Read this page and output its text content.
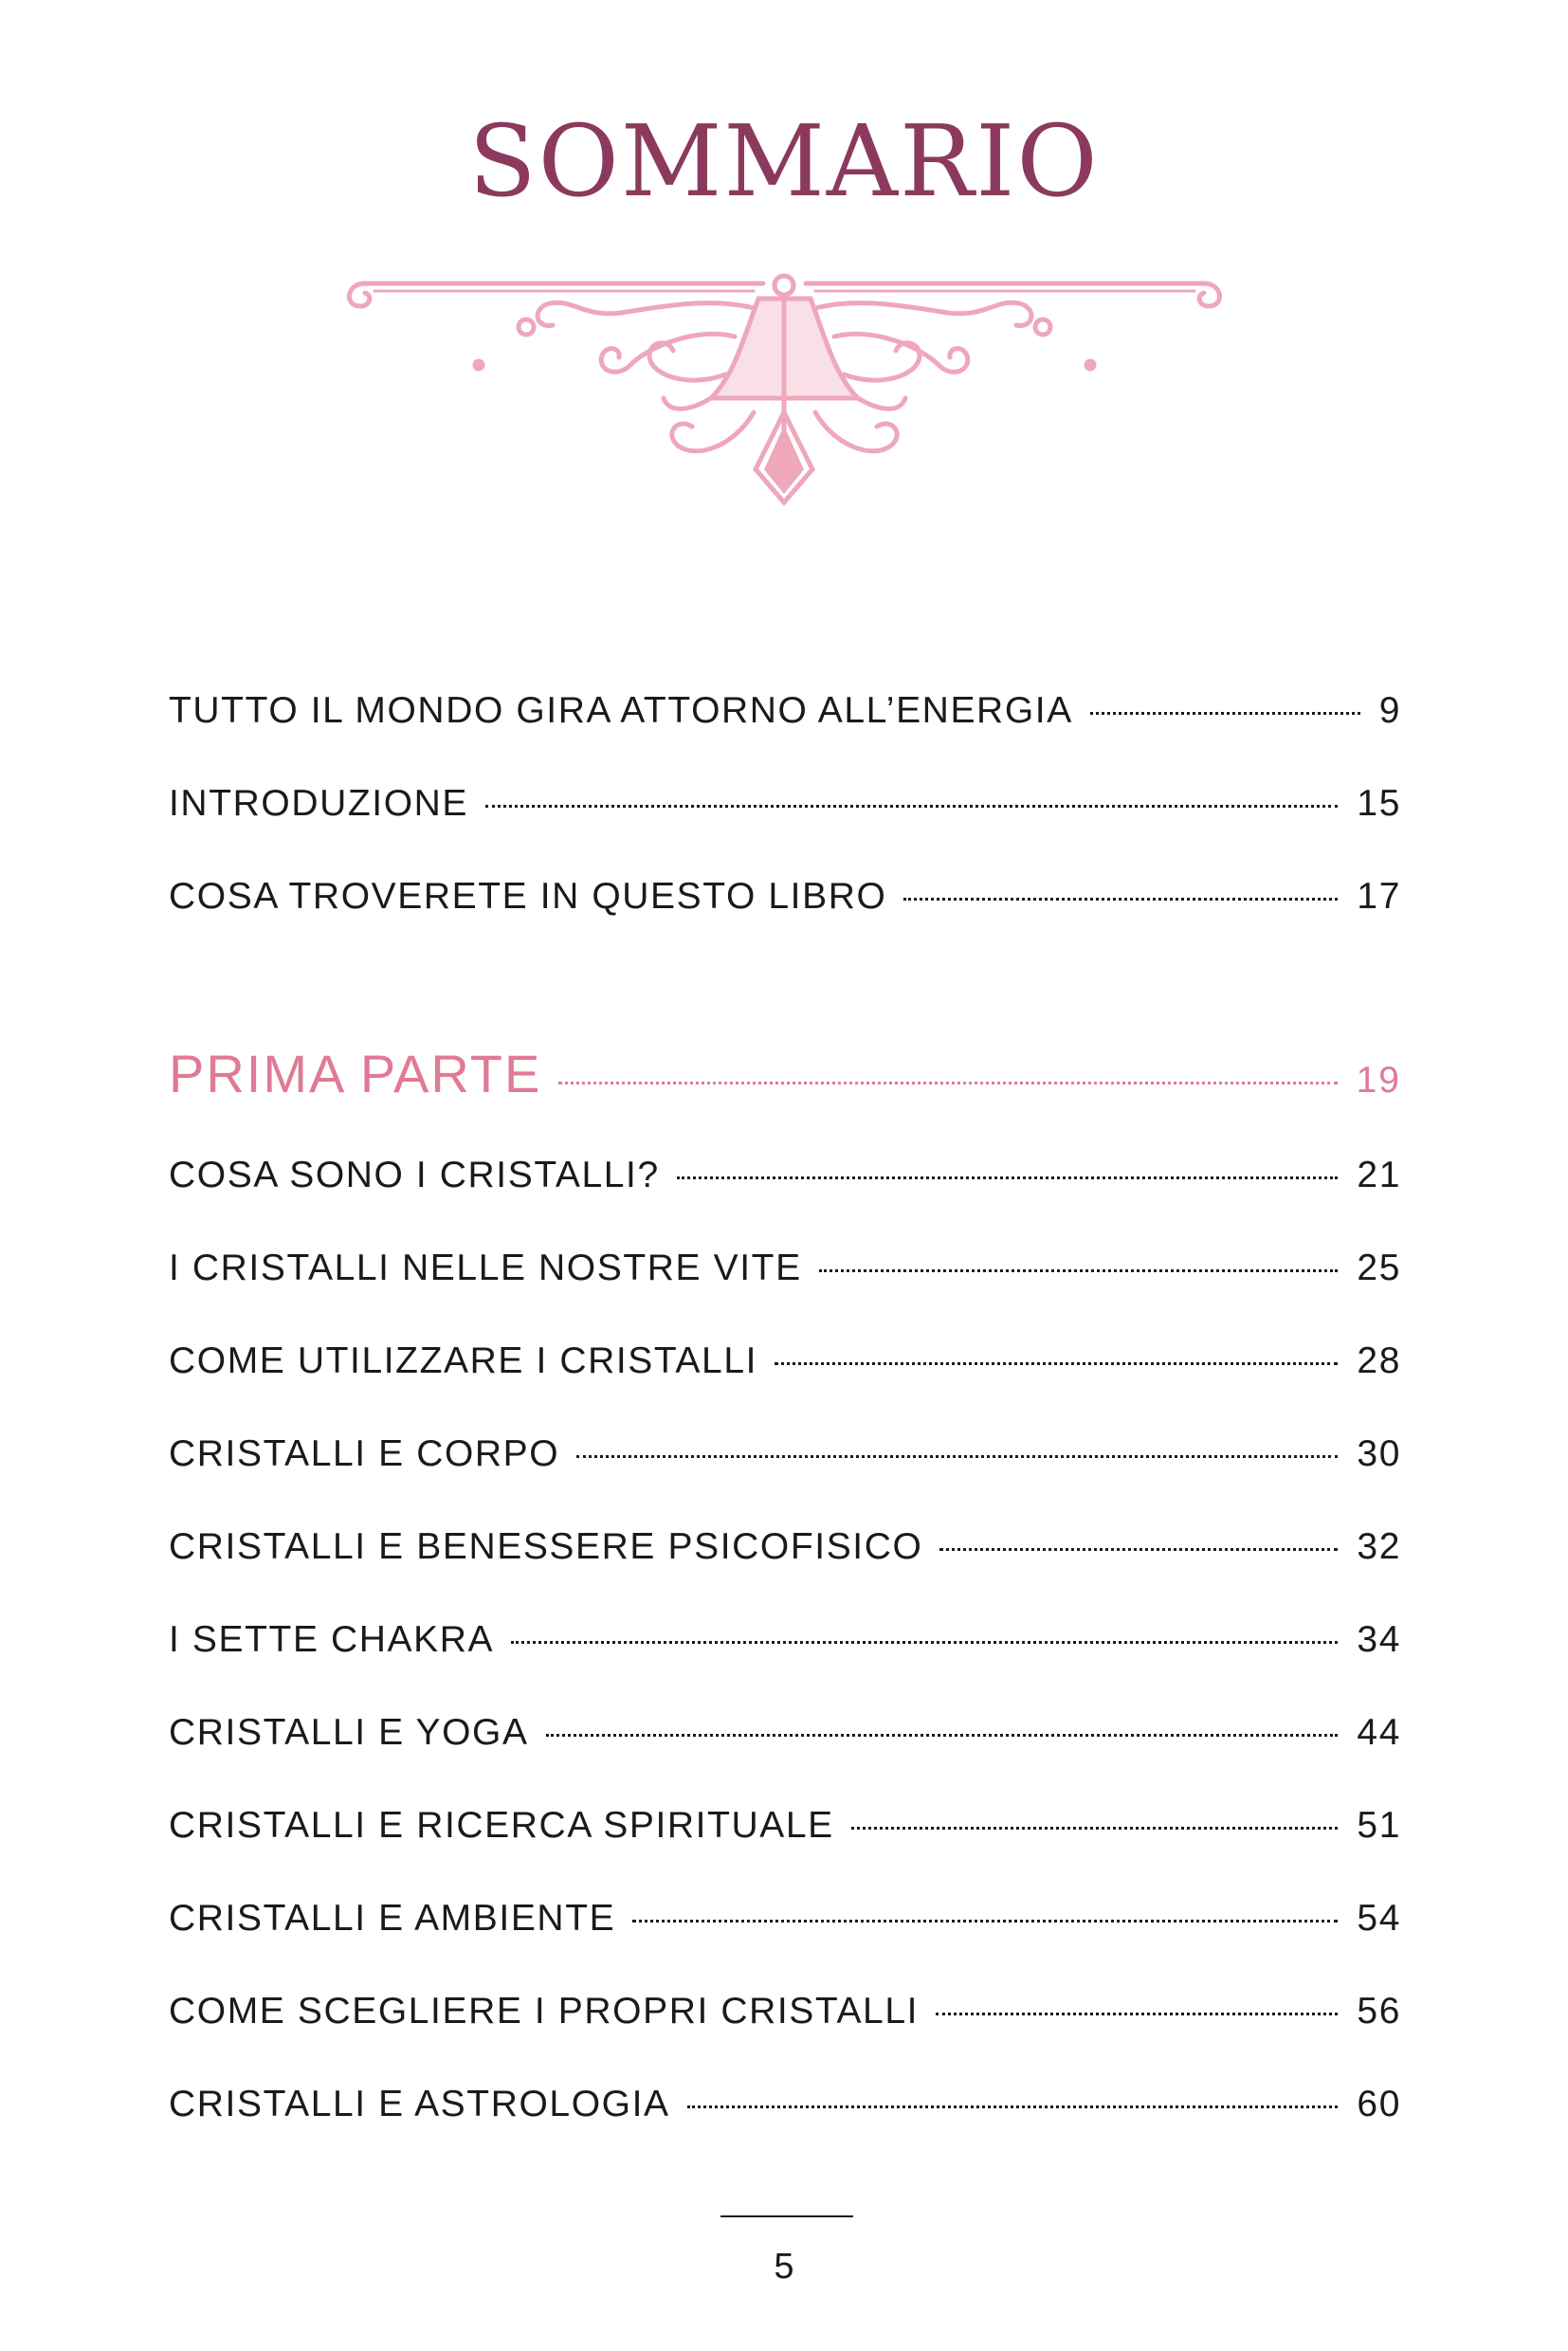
SOMMARIO
TUTTO IL MONDO GIRA ATTORNO ALL’ENERGIA	9
INTRODUZIONE	15
COSA TROVERETE IN QUESTO LIBRO	17
PRIMA PARTE	19
COSA SONO I CRISTALLI?	21
I CRISTALLI NELLE NOSTRE VITE	25
COME UTILIZZARE I CRISTALLI	28
CRISTALLI E CORPO	30
CRISTALLI E BENESSERE PSICOFISICO	32
I SETTE CHAKRA	34
CRISTALLI E YOGA	44
CRISTALLI E RICERCA SPIRITUALE	51
CRISTALLI E AMBIENTE	54
COME SCEGLIERE I PROPRI CRISTALLI	56
CRISTALLI E ASTROLOGIA	60
5
